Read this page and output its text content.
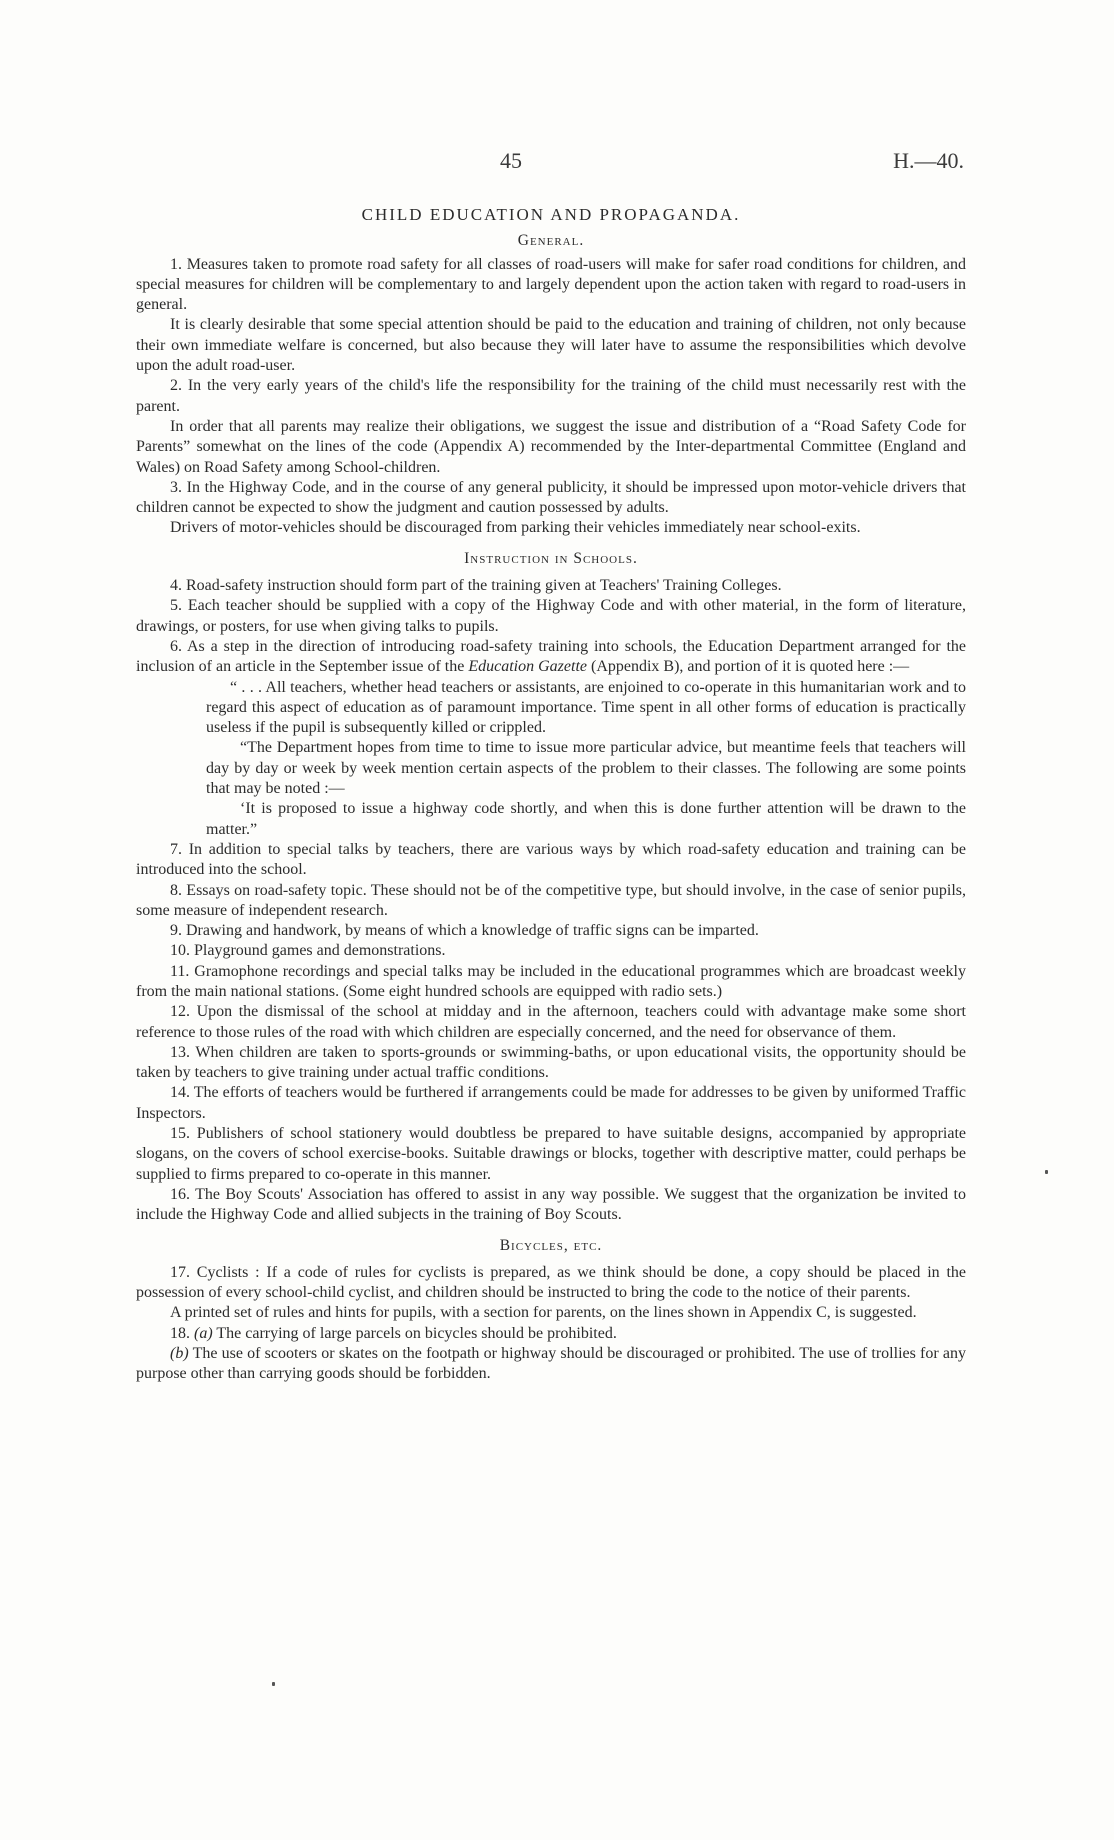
45	H.—40.
CHILD EDUCATION AND PROPAGANDA.
General.

1. Measures taken to promote road safety for all classes of road-users will make for safer road conditions for children, and special measures for children will be complementary to and largely dependent upon the action taken with regard to road-users in general.

It is clearly desirable that some special attention should be paid to the education and training of children, not only because their own immediate welfare is concerned, but also because they will later have to assume the responsibilities which devolve upon the adult road-user.

2. In the very early years of the child's life the responsibility for the training of the child must necessarily rest with the parent.

In order that all parents may realize their obligations, we suggest the issue and distribution of a “Road Safety Code for Parents” somewhat on the lines of the code (Appendix A) recommended by the Inter-departmental Committee (England and Wales) on Road Safety among School-children.

3. In the Highway Code, and in the course of any general publicity, it should be impressed upon motor-vehicle drivers that children cannot be expected to show the judgment and caution possessed by adults.

Drivers of motor-vehicles should be discouraged from parking their vehicles immediately near school-exits.

Instruction in Schools.

4. Road-safety instruction should form part of the training given at Teachers' Training Colleges.

5. Each teacher should be supplied with a copy of the Highway Code and with other material, in the form of literature, drawings, or posters, for use when giving talks to pupils.

6. As a step in the direction of introducing road-safety training into schools, the Education Department arranged for the inclusion of an article in the September issue of the Education Gazette (Appendix B), and portion of it is quoted here :—

“ . . . All teachers, whether head teachers or assistants, are enjoined to co-operate in this humanitarian work and to regard this aspect of education as of paramount importance. Time spent in all other forms of education is practically useless if the pupil is subsequently killed or crippled.

“The Department hopes from time to time to issue more particular advice, but meantime feels that teachers will day by day or week by week mention certain aspects of the problem to their classes. The following are some points that may be noted :—

‘It is proposed to issue a highway code shortly, and when this is done further attention will be drawn to the matter.”

7. In addition to special talks by teachers, there are various ways by which road-safety education and training can be introduced into the school.

8. Essays on road-safety topic. These should not be of the competitive type, but should involve, in the case of senior pupils, some measure of independent research.

9. Drawing and handwork, by means of which a knowledge of traffic signs can be imparted.

10. Playground games and demonstrations.

11. Gramophone recordings and special talks may be included in the educational programmes which are broadcast weekly from the main national stations. (Some eight hundred schools are equipped with radio sets.)

12. Upon the dismissal of the school at midday and in the afternoon, teachers could with advantage make some short reference to those rules of the road with which children are especially concerned, and the need for observance of them.

13. When children are taken to sports-grounds or swimming-baths, or upon educational visits, the opportunity should be taken by teachers to give training under actual traffic conditions.

14. The efforts of teachers would be furthered if arrangements could be made for addresses to be given by uniformed Traffic Inspectors.

15. Publishers of school stationery would doubtless be prepared to have suitable designs, accompanied by appropriate slogans, on the covers of school exercise-books. Suitable drawings or blocks, together with descriptive matter, could perhaps be supplied to firms prepared to co-operate in this manner.

16. The Boy Scouts' Association has offered to assist in any way possible. We suggest that the organization be invited to include the Highway Code and allied subjects in the training of Boy Scouts.

Bicycles, etc.

17. Cyclists : If a code of rules for cyclists is prepared, as we think should be done, a copy should be placed in the possession of every school-child cyclist, and children should be instructed to bring the code to the notice of their parents.

A printed set of rules and hints for pupils, with a section for parents, on the lines shown in Appendix C, is suggested.

18. (a) The carrying of large parcels on bicycles should be prohibited.

(b) The use of scooters or skates on the footpath or highway should be discouraged or prohibited. The use of trollies for any purpose other than carrying goods should be forbidden.
